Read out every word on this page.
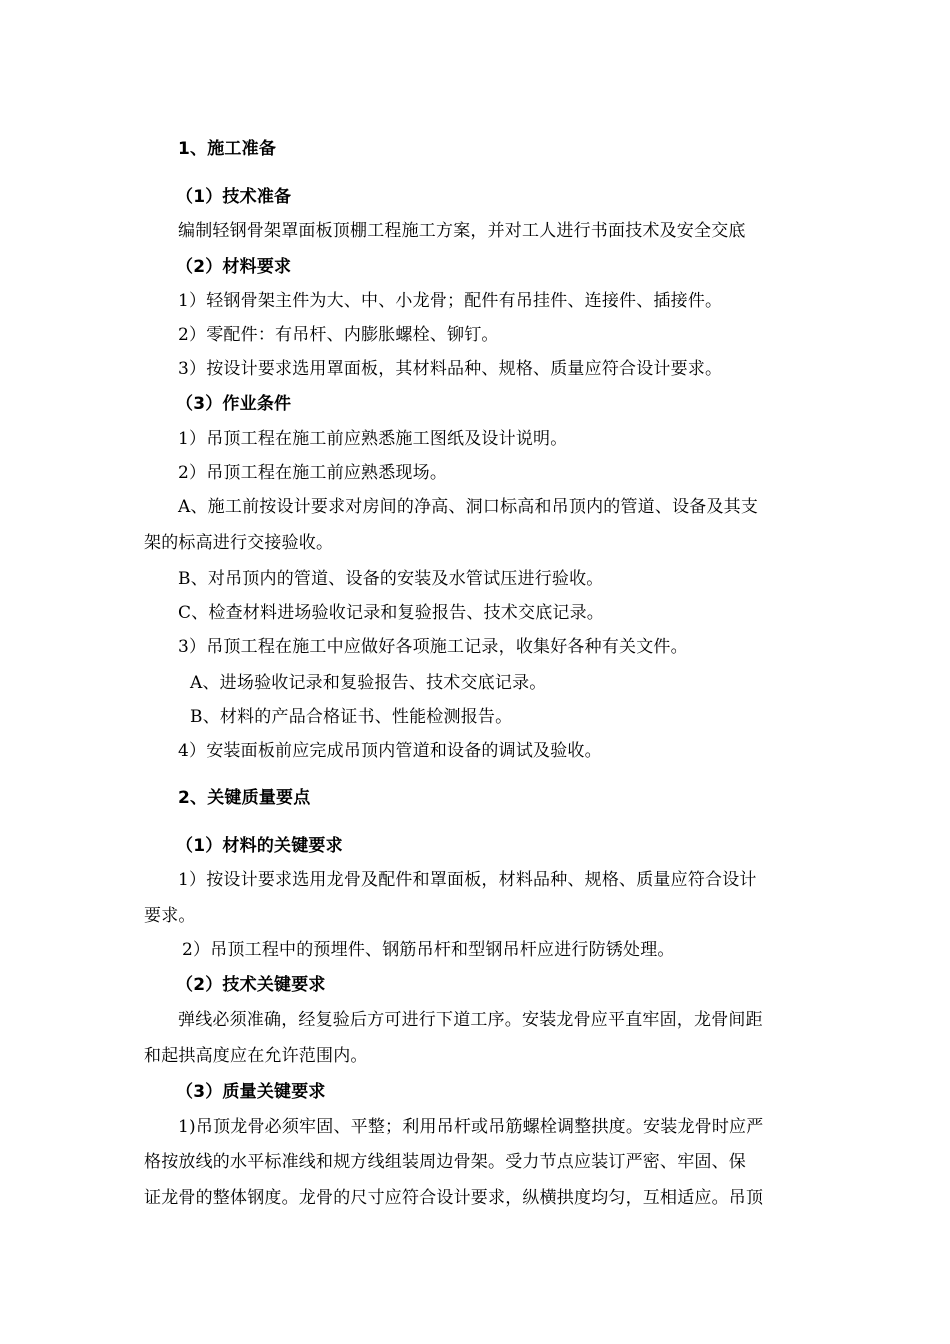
1、施工准备
（1）技术准备
编制轻钢骨架罩面板顶棚工程施工方案，并对工人进行书面技术及安全交底
（2）材料要求
1）轻钢骨架主件为大、中、小龙骨；配件有吊挂件、连接件、插接件。
2）零配件：有吊杆、内膨胀螺栓、铆钉。
3）按设计要求选用罩面板，其材料品种、规格、质量应符合设计要求。
（3）作业条件
1）吊顶工程在施工前应熟悉施工图纸及设计说明。
2）吊顶工程在施工前应熟悉现场。
A、施工前按设计要求对房间的净高、洞口标高和吊顶内的管道、设备及其支
架的标高进行交接验收。
B、对吊顶内的管道、设备的安装及水管试压进行验收。
C、检查材料进场验收记录和复验报告、技术交底记录。
3）吊顶工程在施工中应做好各项施工记录，收集好各种有关文件。
A、进场验收记录和复验报告、技术交底记录。
B、材料的产品合格证书、性能检测报告。
4）安装面板前应完成吊顶内管道和设备的调试及验收。
2、关键质量要点
（1）材料的关键要求
1）按设计要求选用龙骨及配件和罩面板，材料品种、规格、质量应符合设计
要求。
2）吊顶工程中的预埋件、钢筋吊杆和型钢吊杆应进行防锈处理。
（2）技术关键要求
弹线必须准确，经复验后方可进行下道工序。安装龙骨应平直牢固，龙骨间距
和起拱高度应在允许范围内。
（3）质量关键要求
1)吊顶龙骨必须牢固、平整；利用吊杆或吊筋螺栓调整拱度。安装龙骨时应严
格按放线的水平标准线和规方线组装周边骨架。受力节点应装订严密、牢固、保
证龙骨的整体钢度。龙骨的尺寸应符合设计要求，纵横拱度均匀，互相适应。吊顶
